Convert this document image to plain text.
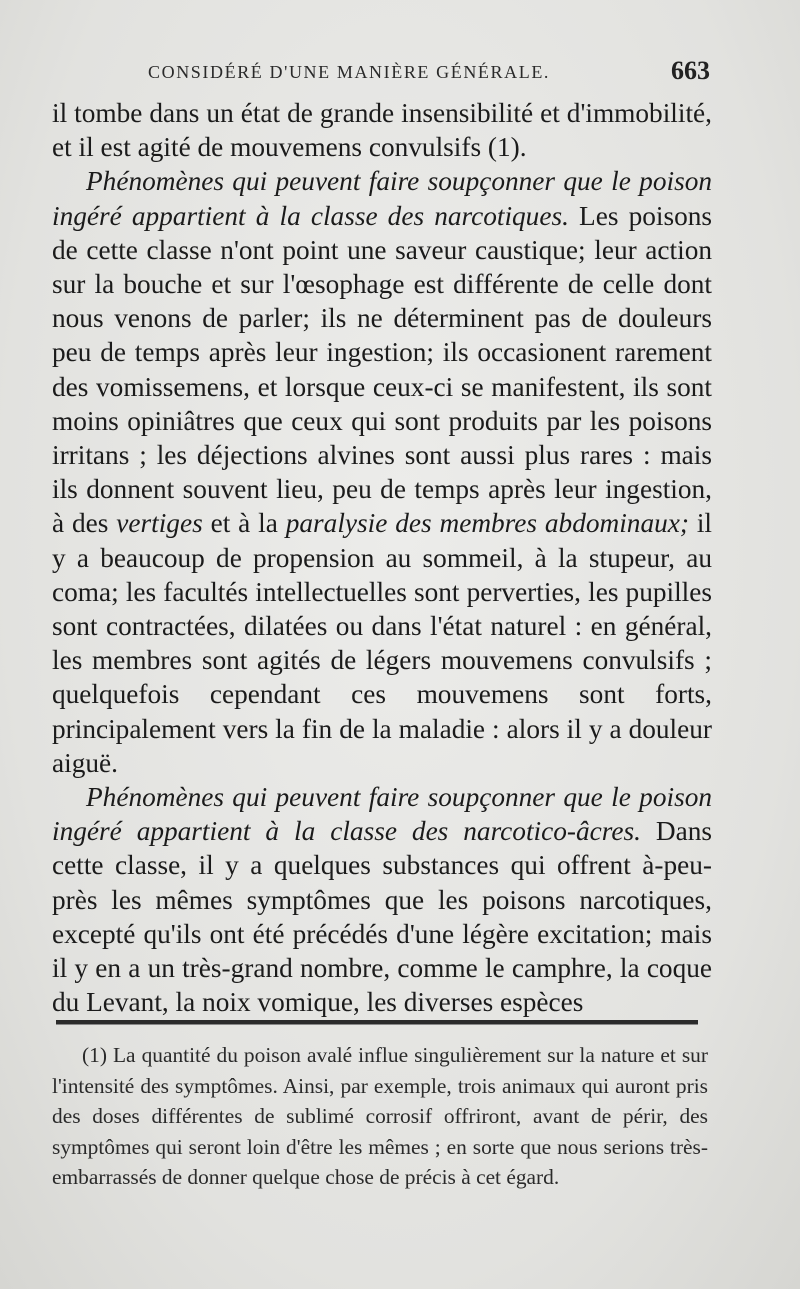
CONSIDÉRÉ D'UNE MANIÈRE GÉNÉRALE.	663

il tombe dans un état de grande insensibilité et d'immobilité, et il est agité de mouvemens convulsifs (1).

Phénomènes qui peuvent faire soupçonner que le poison ingéré appartient à la classe des narcotiques. Les poisons de cette classe n'ont point une saveur caustique; leur action sur la bouche et sur l'œsophage est différente de celle dont nous venons de parler; ils ne déterminent pas de douleurs peu de temps après leur ingestion; ils occasionent rarement des vomissemens, et lorsque ceux-ci se manifestent, ils sont moins opiniâtres que ceux qui sont produits par les poisons irritans ; les déjections alvines sont aussi plus rares : mais ils donnent souvent lieu, peu de temps après leur ingestion, à des vertiges et à la paralysie des membres abdominaux; il y a beaucoup de propension au sommeil, à la stupeur, au coma; les facultés intellectuelles sont perverties, les pupilles sont contractées, dilatées ou dans l'état naturel : en général, les membres sont agités de légers mouvemens convulsifs ; quelquefois cependant ces mouvemens sont forts, principalement vers la fin de la maladie : alors il y a douleur aiguë.

Phénomènes qui peuvent faire soupçonner que le poison ingéré appartient à la classe des narcotico-âcres. Dans cette classe, il y a quelques substances qui offrent à-peu-près les mêmes symptômes que les poisons narcotiques, excepté qu'ils ont été précédés d'une légère excitation; mais il y en a un très-grand nombre, comme le camphre, la coque du Levant, la noix vomique, les diverses espèces

(1) La quantité du poison avalé influe singulièrement sur la nature et sur l'intensité des symptômes. Ainsi, par exemple, trois animaux qui auront pris des doses différentes de sublimé corrosif offriront, avant de périr, des symptômes qui seront loin d'être les mêmes ; en sorte que nous serions très-embarrassés de donner quelque chose de précis à cet égard.
